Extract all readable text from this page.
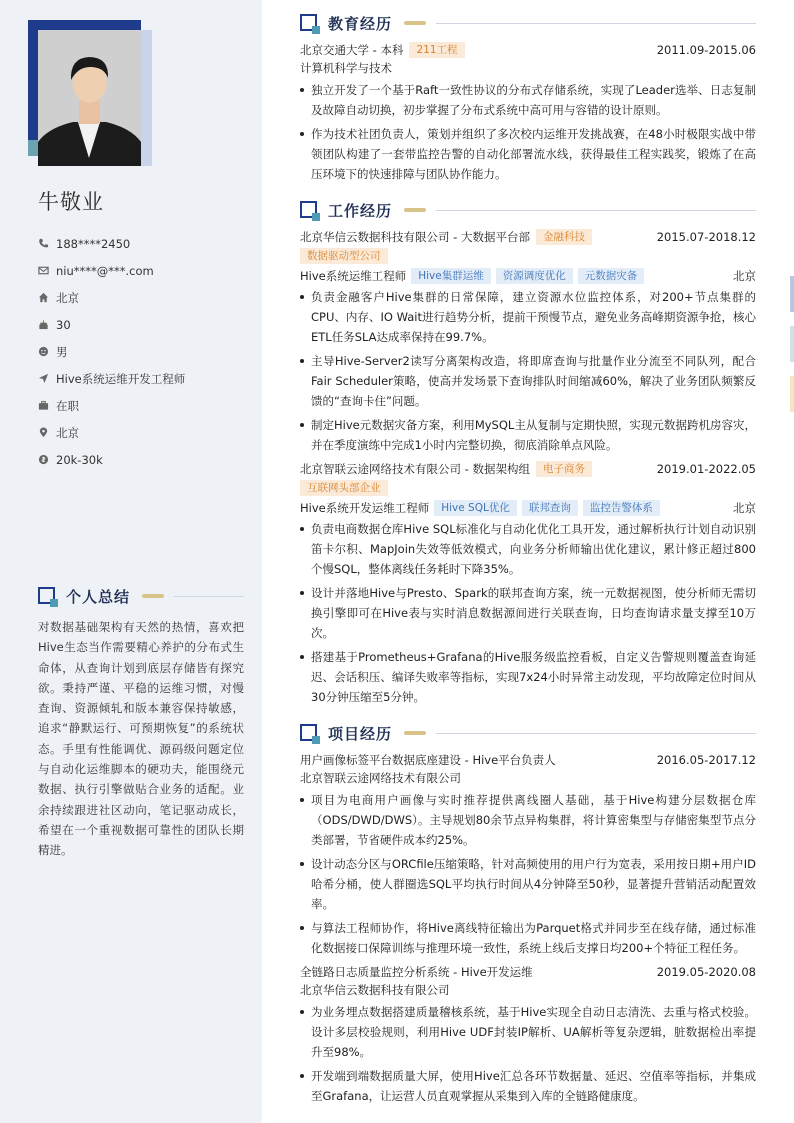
牛敬业
188****2450
niu****@***.com
北京
30
男
Hive系统运维开发工程师
在职
北京
20k-30k
个人总结
对数据基础架构有天然的热情，喜欢把Hive生态当作需要精心养护的分布式生命体，从查询计划到底层存储皆有探究欲。秉持严谨、平稳的运维习惯，对慢查询、资源倾轧和版本兼容保持敏感，追求“静默运行、可预期恢复”的系统状态。手里有性能调优、源码级问题定位与自动化运维脚本的硬功夫，能围绕元数据、执行引擎做贴合业务的适配。业余持续跟进社区动向，笔记驱动成长，希望在一个重视数据可靠性的团队长期精进。
教育经历
北京交通大学 - 本科	211工程	2011.09-2015.06
计算机科学与技术
独立开发了一个基于Raft一致性协议的分布式存储系统，实现了Leader选举、日志复制及故障自动切换，初步掌握了分布式系统中高可用与容错的设计原则。
作为技术社团负责人，策划并组织了多次校内运维开发挑战赛，在48小时极限实战中带领团队构建了一套带监控告警的自动化部署流水线，获得最佳工程实践奖，锻炼了在高压环境下的快速排障与团队协作能力。
工作经历
北京华信云数据科技有限公司 - 大数据平台部	金融科技	2015.07-2018.12
数据驱动型公司
Hive系统运维工程师	Hive集群运维	资源调度优化	元数据灾备	北京
负责金融客户Hive集群的日常保障，建立资源水位监控体系，对200+节点集群的CPU、内存、IO Wait进行趋势分析，提前干预慢节点，避免业务高峰期资源争抢，核心ETL任务SLA达成率保持在99.7%。
主导Hive-Server2读写分离架构改造，将即席查询与批量作业分流至不同队列，配合Fair Scheduler策略，使高并发场景下查询排队时间缩减60%，解决了业务团队频繁反馈的“查询卡住”问题。
制定Hive元数据灾备方案，利用MySQL主从复制与定期快照，实现元数据跨机房容灾，并在季度演练中完成1小时内完整切换，彻底消除单点风险。
北京智联云途网络技术有限公司 - 数据架构组	电子商务	2019.01-2022.05
互联网头部企业
Hive系统开发运维工程师	Hive SQL优化	联邦查询	监控告警体系	北京
负责电商数据仓库Hive SQL标准化与自动化优化工具开发，通过解析执行计划自动识别笛卡尔积、MapJoin失效等低效模式，向业务分析师输出优化建议，累计修正超过800个慢SQL，整体离线任务耗时下降35%。
设计并落地Hive与Presto、Spark的联邦查询方案，统一元数据视图，使分析师无需切换引擎即可在Hive表与实时消息数据源间进行关联查询，日均查询请求量支撑至10万次。
搭建基于Prometheus+Grafana的Hive服务级监控看板，自定义告警规则覆盖查询延迟、会话积压、编译失败率等指标，实现7x24小时异常主动发现，平均故障定位时间从30分钟压缩至5分钟。
项目经历
用户画像标签平台数据底座建设 - Hive平台负责人	2016.05-2017.12
北京智联云途网络技术有限公司
项目为电商用户画像与实时推荐提供离线圈人基础，基于Hive构建分层数据仓库（ODS/DWD/DWS）。主导规划80余节点异构集群，将计算密集型与存储密集型节点分类部署，节省硬件成本约25%。
设计动态分区与ORCfile压缩策略，针对高频使用的用户行为宽表，采用按日期+用户ID哈希分桶，使人群圈选SQL平均执行时间从4分钟降至50秒，显著提升营销活动配置效率。
与算法工程师协作，将Hive离线特征输出为Parquet格式并同步至在线存储，通过标准化数据接口保障训练与推理环境一致性，系统上线后支撑日均200+个特征工程任务。
全链路日志质量监控分析系统 - Hive开发运维	2019.05-2020.08
北京华信云数据科技有限公司
为业务埋点数据搭建质量稽核系统，基于Hive实现全自动日志清洗、去重与格式校验。设计多层校验规则，利用Hive UDF封装IP解析、UA解析等复杂逻辑，脏数据检出率提升至98%。
开发端到端数据质量大屏，使用Hive汇总各环节数据量、延迟、空值率等指标，并集成至Grafana，让运营人员直观掌握从采集到入库的全链路健康度。
